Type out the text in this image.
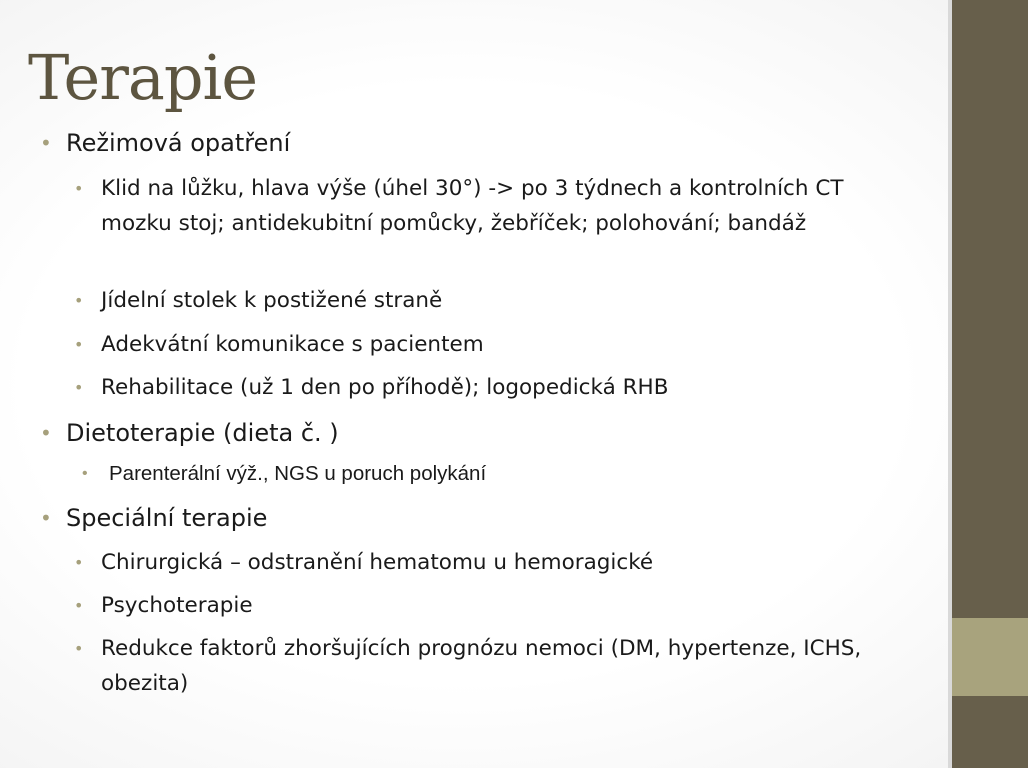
Terapie
• Režimová opatření
• Klid na lůžku, hlava výše (úhel 30°) -> po 3 týdnech a kontrolních CT mozku stoj; antidekubitní pomůcky, žebříček; polohování; bandáž
• Jídelní stolek k postižené straně
• Adekvátní komunikace s pacientem
• Rehabilitace (už 1 den po příhodě); logopedická RHB
• Dietoterapie (dieta č. )
• Parenterální výž., NGS u poruch polykání
• Speciální terapie
• Chirurgická – odstranění hematomu u hemoragické
• Psychoterapie
• Redukce faktorů zhoršujících prognózu nemoci (DM, hypertenze, ICHS, obezita)
